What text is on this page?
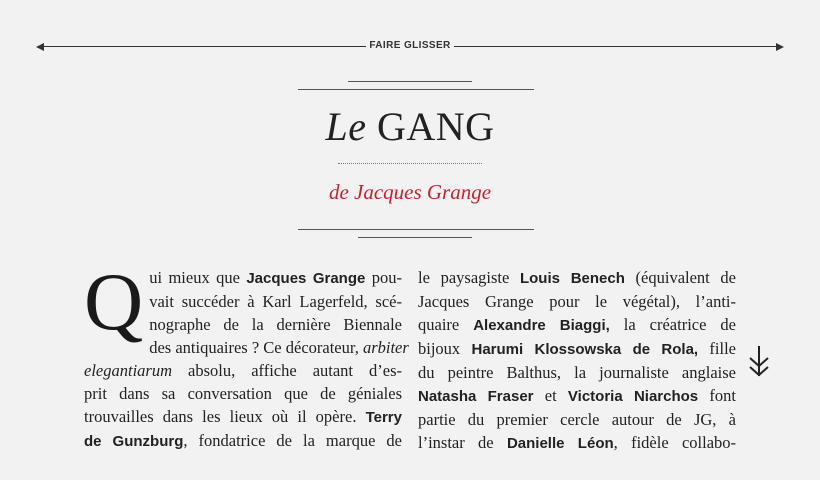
FAIRE GLISSER
Le GANG
de Jacques Grange
Q ui mieux que Jacques Grange pou-
vait succéder à Karl Lagerfeld, scé-
nographe de la dernière Biennale
des antiquaires ? Ce décorateur, arbiter
elegantiarum absolu, affiche autant d’es-
prit dans sa conversation que de géniales
trouvailles dans les lieux où il opère. Terry
de Gunzburg, fondatrice de la marque de
le paysagiste Louis Benech (équivalent de
Jacques Grange pour le végétal), l’anti-
quaire Alexandre Biaggi, la créatrice de
bijoux Harumi Klossowska de Rola, fille
du peintre Balthus, la journaliste anglaise
Natasha Fraser et Victoria Niarchos font
partie du premier cercle autour de JG, à
l’instar de Danielle Léon, fidèle collabo-
